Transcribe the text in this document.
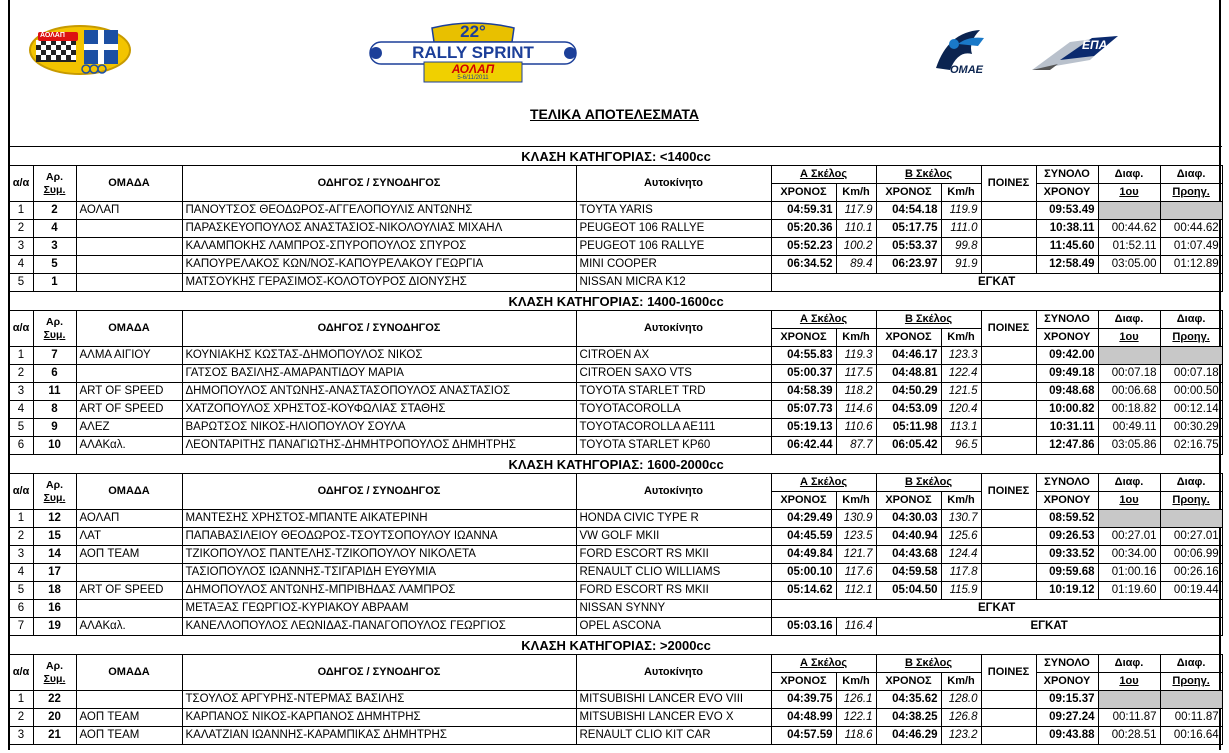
ΑΟΛΑΠ	22°
RALLY SPRINT
ΑΟΛΑΠ
5-6/11/2011
ΟΜΑΕ
ΕΠΑ
ΤΕΛΙΚΑ ΑΠΟΤΕΛΕΣΜΑΤΑ
ΚΛΑΣΗ ΚΑΤΗΓΟΡΙΑΣ: <1400cc												
α/α	Αρ.
Συμ.	ΟΜΑΔΑ	ΟΔΗΓΟΣ / ΣΥΝΟΔΗΓΟΣ	Αυτοκίνητο	Α Σκέλος		Β Σκέλος		ΠΟΙΝΕΣ	ΣΥΝΟΛΟ	Διαφ.	Διαφ.
					ΧΡΟΝΟΣ	Km/h	ΧΡΟΝΟΣ	Km/h		ΧΡΟΝΟΥ	1ου	Προηγ.
1	2	ΑΟΛΑΠ	ΠΑΝΟΥΤΣΟΣ ΘΕΟΔΩΡΟΣ-ΑΓΓΕΛΟΠΟΥΛΙΣ ΑΝΤΩΝΗΣ	TOYTA YARIS	04:59.31	117.9	04:54.18	119.9		09:53.49		
2	4		ΠΑΡΑΣΚΕΥΟΠΟΥΛΟΣ ΑΝΑΣΤΑΣΙΟΣ-ΝΙΚΟΛΟΥΛΙΑΣ ΜΙΧΑΗΛ	PEUGEOT 106 RALLYE	05:20.36	110.1	05:17.75	111.0		10:38.11	00:44.62	00:44.62
3	3		ΚΑΛΑΜΠΟΚΗΣ ΛΑΜΠΡΟΣ-ΣΠΥΡΟΠΟΥΛΟΣ ΣΠΥΡΟΣ	PEUGEOT 106 RALLYE	05:52.23	100.2	05:53.37	99.8		11:45.60	01:52.11	01:07.49
4	5		ΚΑΠΟΥΡΕΛΑΚΟΣ ΚΩΝ/ΝΟΣ-ΚΑΠΟΥΡΕΛΑΚΟΥ ΓΕΩΡΓΙΑ	MINI COOPER	06:34.52	89.4	06:23.97	91.9		12:58.49	03:05.00	01:12.89
5	1		ΜΑΤΣΟΥΚΗΣ ΓΕΡΑΣΙΜΟΣ-ΚΟΛΟΤΟΥΡΟΣ ΔΙΟΝΥΣΗΣ	NISSAN MICRA K12	ΕΓΚΑΤ							
ΚΛΑΣΗ ΚΑΤΗΓΟΡΙΑΣ: 1400-1600cc												
α/α	Αρ.
Συμ.	ΟΜΑΔΑ	ΟΔΗΓΟΣ / ΣΥΝΟΔΗΓΟΣ	Αυτοκίνητο	Α Σκέλος		Β Σκέλος		ΠΟΙΝΕΣ	ΣΥΝΟΛΟ	Διαφ.	Διαφ.
					ΧΡΟΝΟΣ	Km/h	ΧΡΟΝΟΣ	Km/h		ΧΡΟΝΟΥ	1ου	Προηγ.
1	7	ΑΛΜΑ ΑΙΓΙΟΥ	ΚΟΥΝΙΑΚΗΣ ΚΩΣΤΑΣ-ΔΗΜΟΠΟΥΛΟΣ ΝΙΚΟΣ	CITROEN AX	04:55.83	119.3	04:46.17	123.3		09:42.00		
2	6		ΓΑΤΣΟΣ ΒΑΣΙΛΗΣ-ΑΜΑΡΑΝΤΙΔΟΥ ΜΑΡΙΑ	CITROEN SAXO VTS	05:00.37	117.5	04:48.81	122.4		09:49.18	00:07.18	00:07.18
3	11	ART OF SPEED	ΔΗΜΟΠΟΥΛΟΣ ΑΝΤΩΝΗΣ-ΑΝΑΣΤΑΣΟΠΟΥΛΟΣ ΑΝΑΣΤΑΣΙΟΣ	TOYOTA STARLET TRD	04:58.39	118.2	04:50.29	121.5		09:48.68	00:06.68	00:00.50
4	8	ART OF SPEED	ΧΑΤΖΟΠΟΥΛΟΣ ΧΡΗΣΤΟΣ-ΚΟΥΦΩΛΙΑΣ ΣΤΑΘΗΣ	TOYOTACOROLLA	05:07.73	114.6	04:53.09	120.4		10:00.82	00:18.82	00:12.14
5	9	ΑΛΕΖ	ΒΑΡΩΤΣΟΣ ΝΙΚΟΣ-ΗΛΙΟΠΟΥΛΟΥ ΣΟΥΛΑ	TOYOTACOROLLA AE111	05:19.13	110.6	05:11.98	113.1		10:31.11	00:49.11	00:30.29
6	10	ΑΛΑΚαλ.	ΛΕΟΝΤΑΡΙΤΗΣ ΠΑΝΑΓΙΩΤΗΣ-ΔΗΜΗΤΡΟΠΟΥΛΟΣ ΔΗΜΗΤΡΗΣ	TOYOTA STARLET KP60	06:42.44	87.7	06:05.42	96.5		12:47.86	03:05.86	02:16.75
ΚΛΑΣΗ ΚΑΤΗΓΟΡΙΑΣ: 1600-2000cc												
α/α	Αρ.
Συμ.	ΟΜΑΔΑ	ΟΔΗΓΟΣ / ΣΥΝΟΔΗΓΟΣ	Αυτοκίνητο	Α Σκέλος		Β Σκέλος		ΠΟΙΝΕΣ	ΣΥΝΟΛΟ	Διαφ.	Διαφ.
					ΧΡΟΝΟΣ	Km/h	ΧΡΟΝΟΣ	Km/h		ΧΡΟΝΟΥ	1ου	Προηγ.
1	12	ΑΟΛΑΠ	ΜΑΝΤΕΣΗΣ ΧΡΗΣΤΟΣ-ΜΠΑΝΤΕ ΑΙΚΑΤΕΡΙΝΗ	HONDA CIVIC TYPE R	04:29.49	130.9	04:30.03	130.7		08:59.52		
2	15	ΛΑΤ	ΠΑΠΑΒΑΣΙΛΕΙΟΥ ΘΕΟΔΩΡΟΣ-ΤΣΟΥΤΣΟΠΟΥΛΟΥ ΙΩΑΝΝΑ	VW GOLF MKII	04:45.59	123.5	04:40.94	125.6		09:26.53	00:27.01	00:27.01
3	14	ΑΟΠ TEAM	ΤΖΙΚΟΠΟΥΛΟΣ ΠΑΝΤΕΛΗΣ-ΤΖΙΚΟΠΟΥΛΟΥ ΝΙΚΟΛΕΤΑ	FORD ESCORT RS MKII	04:49.84	121.7	04:43.68	124.4		09:33.52	00:34.00	00:06.99
4	17		ΤΑΣΙΟΠΟΥΛΟΣ ΙΩΑΝΝΗΣ-ΤΣΙΓΑΡΙΔΗ ΕΥΘΥΜΙΑ	RENAULT CLIO WILLIAMS	05:00.10	117.6	04:59.58	117.8		09:59.68	01:00.16	00:26.16
5	18	ART OF SPEED	ΔΗΜΟΠΟΥΛΟΣ ΑΝΤΩΝΗΣ-ΜΠΡΙΒΗΔΑΣ ΛΑΜΠΡΟΣ	FORD ESCORT RS MKII	05:14.62	112.1	05:04.50	115.9		10:19.12	01:19.60	00:19.44
6	16		ΜΕΤΑΞΑΣ ΓΕΩΡΓΙΟΣ-ΚΥΡΙΑΚΟΥ ΑΒΡΑΑΜ	NISSAN SYNNY	ΕΓΚΑΤ							
7	19	ΑΛΑΚαλ.	ΚΑΝΕΛΛΟΠΟΥΛΟΣ ΛΕΩΝΙΔΑΣ-ΠΑΝΑΓΟΠΟΥΛΟΣ ΓΕΩΡΓΙΟΣ	OPEL ASCONA	05:03.16	116.4	ΕΓΚΑΤ					
ΚΛΑΣΗ ΚΑΤΗΓΟΡΙΑΣ: >2000cc												
α/α	Αρ.
Συμ.	ΟΜΑΔΑ	ΟΔΗΓΟΣ / ΣΥΝΟΔΗΓΟΣ	Αυτοκίνητο	Α Σκέλος		Β Σκέλος		ΠΟΙΝΕΣ	ΣΥΝΟΛΟ	Διαφ.	Διαφ.
					ΧΡΟΝΟΣ	Km/h	ΧΡΟΝΟΣ	Km/h		ΧΡΟΝΟΥ	1ου	Προηγ.
1	22		ΤΣΟΥΛΟΣ ΑΡΓΥΡΗΣ-ΝΤΕΡΜΑΣ ΒΑΣΙΛΗΣ	MITSUBISHI LANCER EVO VIII	04:39.75	126.1	04:35.62	128.0		09:15.37		
2	20	ΑΟΠ TEAM	ΚΑΡΠΑΝΟΣ ΝΙΚΟΣ-ΚΑΡΠΑΝΟΣ ΔΗΜΗΤΡΗΣ	MITSUBISHI LANCER EVO X	04:48.99	122.1	04:38.25	126.8		09:27.24	00:11.87	00:11.87
3	21	ΑΟΠ TEAM	ΚΑΛΑΤΖΙΑΝ ΙΩΑΝΝΗΣ-ΚΑΡΑΜΠΙΚΑΣ ΔΗΜΗΤΡΗΣ	RENAULT CLIO KIT CAR	04:57.59	118.6	04:46.29	123.2		09:43.88	00:28.51	00:16.64
